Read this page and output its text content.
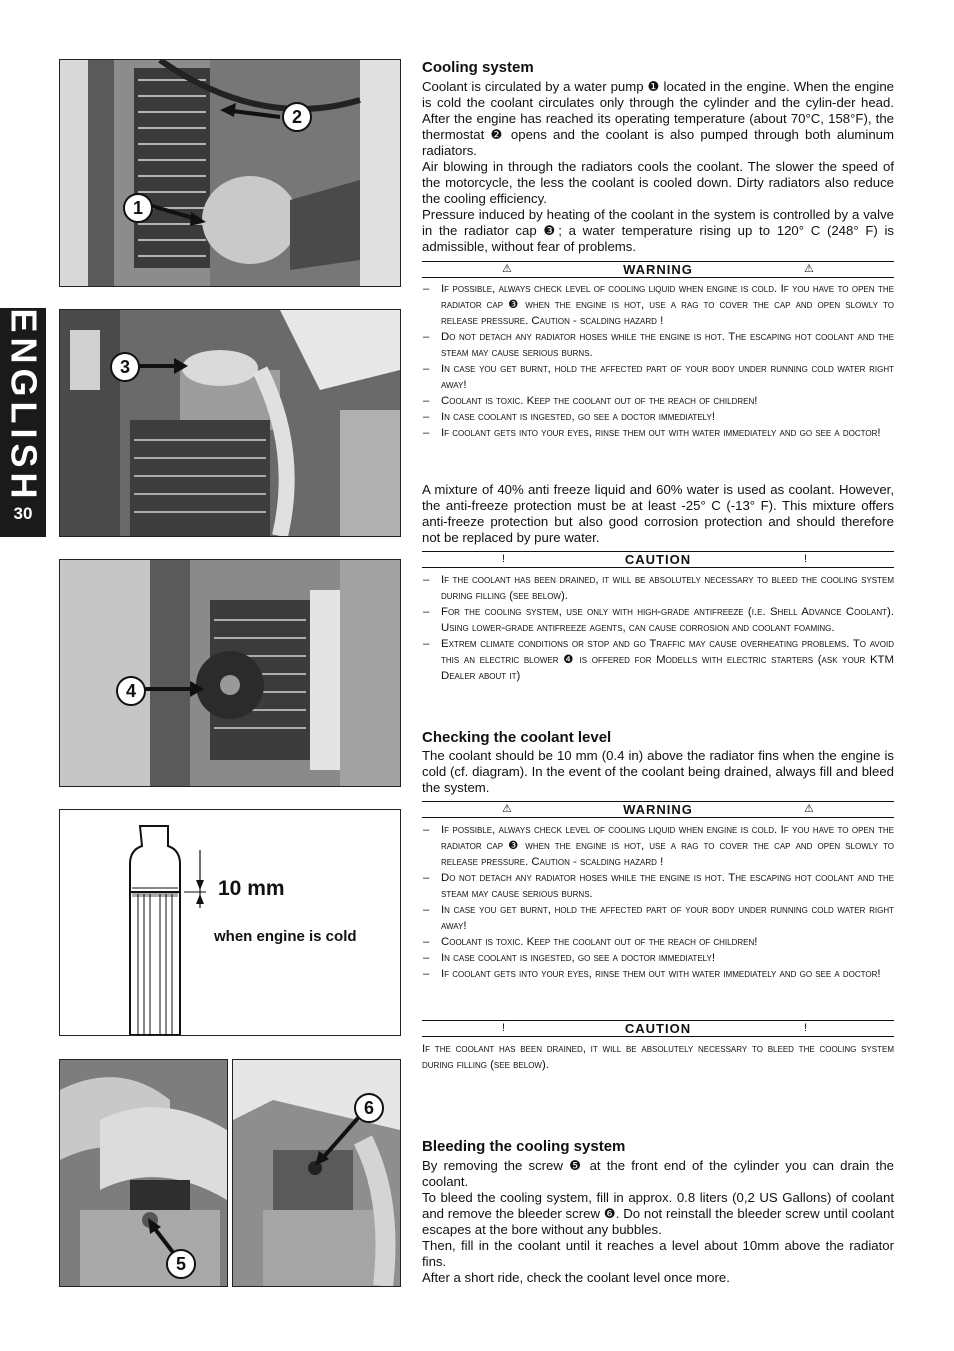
ENGLISH
30
2
1
3
4
10 mm
when engine is cold
5
6
Cooling system

Coolant is circulated by a water pump ❶ located in the engine. When the engine is cold the coolant circulates only through the cylinder and the cylin-der head. After the engine has reached its operating temperature (about 70°C, 158°F), the thermostat ❷ opens and the coolant is also pumped through both aluminum radiators.

Air blowing in through the radiators cools the coolant. The slower the speed of the motorcycle, the less the coolant is cooled down. Dirty radiators also reduce the cooling efficiency.

Pressure induced by heating of the coolant in the system is controlled by a valve in the radiator cap ❸; a water temperature rising up to 120° C (248° F) is admissible, without fear of problems.

⚠	WARNING	⚠
– If possible, always check level of cooling liquid when engine is cold. If you have to open the radiator cap ❸ when the engine is hot, use a rag to cover the cap and open slowly to release pressure. Caution - scalding hazard !
– Do not detach any radiator hoses while the engine is hot. The escaping hot coolant and the steam may cause serious burns.
– In case you get burnt, hold the affected part of your body under running cold water right away!
– Coolant is toxic. Keep the coolant out of the reach of children!
– In case coolant is ingested, go see a doctor immediately!
– If coolant gets into your eyes, rinse them out with water immediately and go see a doctor!

A mixture of 40% anti freeze liquid and 60% water is used as coolant. However, the anti-freeze protection must be at least -25° C (-13° F). This mixture offers anti-freeze protection but also good corrosion protection and should therefore not be replaced by pure water.

!	CAUTION	!
– If the coolant has been drained, it will be absolutely necessary to bleed the cooling system during filling (see below).
– For the cooling system, use only with high-grade antifreeze (i.e. Shell Advance Coolant). Using lower-grade antifreeze agents, can cause corrosion and coolant foaming.
– Extrem climate conditions or stop and go Traffic may cause overheating problems. To avoid this an electric blower ❹ is offered for Modells with electric starters (ask your KTM Dealer about it)
Checking the coolant level

The coolant should be 10 mm (0.4 in) above the radiator fins when the engine is cold (cf. diagram). In the event of the coolant being drained, always fill and bleed the system.

⚠	WARNING	⚠
– If possible, always check level of cooling liquid when engine is cold. If you have to open the radiator cap ❸ when the engine is hot, use a rag to cover the cap and open slowly to release pressure. Caution - scalding hazard !
– Do not detach any radiator hoses while the engine is hot. The escaping hot coolant and the steam may cause serious burns.
– In case you get burnt, hold the affected part of your body under running cold water right away!
– Coolant is toxic. Keep the coolant out of the reach of children!
– In case coolant is ingested, go see a doctor immediately!
– If coolant gets into your eyes, rinse them out with water immediately and go see a doctor!
!	CAUTION	!

If the coolant has been drained, it will be absolutely necessary to bleed the cooling system during filling (see below).

Bleeding the cooling system

By removing the screw ❺ at the front end of the cylinder you can drain the coolant.

To bleed the cooling system, fill in approx. 0.8 liters (0,2 US Gallons) of coolant and remove the bleeder screw ❻. Do not reinstall the bleeder screw until coolant escapes at the bore without any bubbles.

Then, fill in the coolant until it reaches a level about 10mm above the radiator fins.

After a short ride, check the coolant level once more.
